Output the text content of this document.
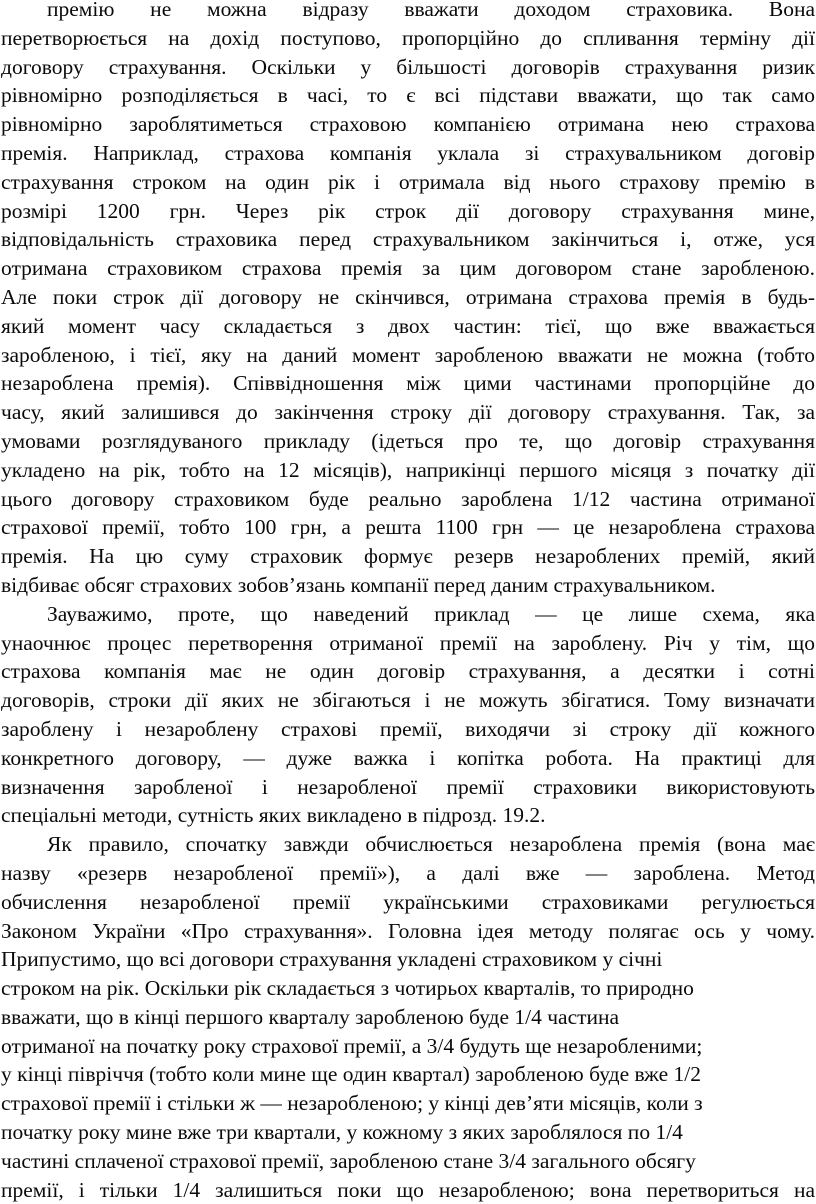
премію не можна відразу вважати доходом страховика. Вона
перетворюється на дохід поступово, пропорційно до спливання терміну дії
договору страхування. Оскільки у більшості договорів страхування ризик
рівномірно розподіляється в часі, то є всі підстави вважати, що так само
рівномірно зароблятиметься страховою компанією отримана нею страхова
премія. Наприклад, страхова компанія уклала зі страхувальником договір
страхування строком на один рік і отримала від нього страхову премію в
розмірі 1200 грн. Через рік строк дії договору страхування мине,
відповідальність страховика перед страхувальником закінчиться і, отже, уся
отримана страховиком страхова премія за цим договором стане заробленою.
Але поки строк дії договору не скінчився, отримана страхова премія в будь-
який момент часу складається з двох частин: тієї, що вже вважається
заробленою, і тієї, яку на даний момент заробленою вважати не можна (тобто
незароблена премія). Співвідношення між цими частинами пропорційне до
часу, який залишився до закінчення строку дії договору страхування. Так, за
умовами розглядуваного прикладу (ідеться про те, що договір страхування
укладено на рік, тобто на 12 місяців), наприкінці першого місяця з початку дії
цього договору страховиком буде реально зароблена 1/12 частина отриманої
страхової премії, тобто 100 грн, а решта 1100 грн — це незароблена страхова
премія. На цю суму страховик формує резерв незароблених премій, який
відбиває обсяг страхових зобов’язань компанії перед даним страхувальником.
Зауважимо, проте, що наведений приклад — це лише схема, яка
унаочнює процес перетворення отриманої премії на зароблену. Річ у тім, що
страхова компанія має не один договір страхування, а десятки і сотні
договорів, строки дії яких не збігаються і не можуть збігатися. Тому визначати
зароблену і незароблену страхові премії, виходячи зі строку дії кожного
конкретного договору, — дуже важка і копітка робота. На практиці для
визначення заробленої і незаробленої премії страховики використовують
спеціальні методи, сутність яких викладено в підрозд. 19.2.
Як правило, спочатку завжди обчислюється незароблена премія (вона має
назву «резерв незаробленої премії»), а далі вже — зароблена. Метод
обчислення незаробленої премії українськими страховиками регулюється
Законом України «Про страхування». Головна ідея методу полягає ось у чому.
Припустимо, що всі договори страхування укладені страховиком у січні
строком на рік. Оскільки рік складається з чотирьох кварталів, то природно
вважати, що в кінці першого кварталу заробленою буде 1/4 частина
отриманої на початку року страхової премії, а 3/4 будуть ще незаробленими;
у кінці півріччя (тобто коли мине ще один квартал) заробленою буде вже 1/2
страхової премії і стільки ж — незаробленою; у кінці дев’яти місяців, коли з
початку року мине вже три квартали, у кожному з яких зароблялося по 1/4
частині сплаченої страхової премії, заробленою стане 3/4 загального обсягу
премії, і тільки 1/4 залишиться поки що незаробленою; вона перетвориться на
